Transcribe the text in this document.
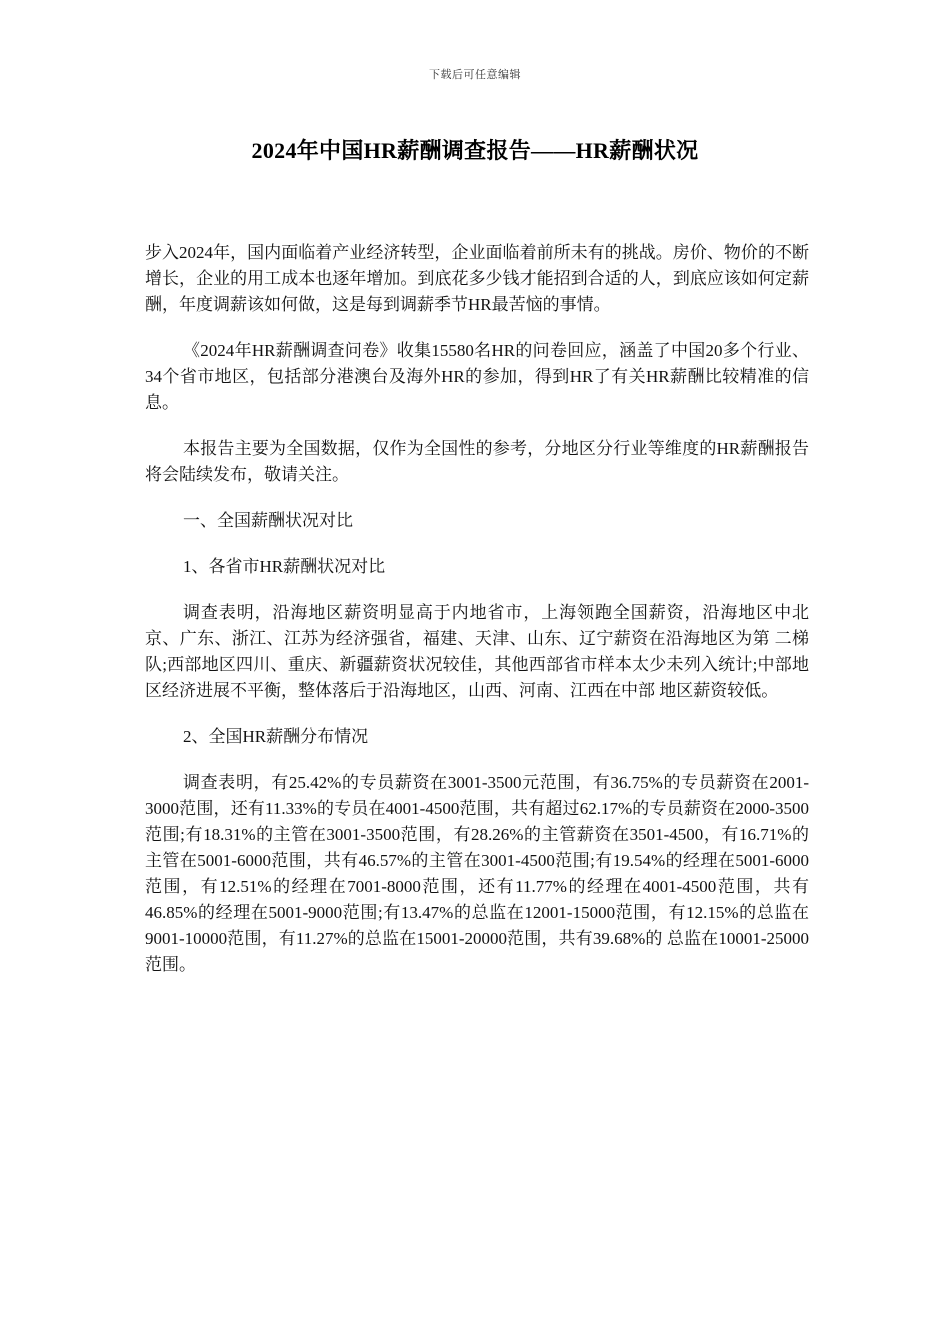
下载后可任意编辑
2024年中国HR薪酬调查报告——HR薪酬状况

步入2024年，国内面临着产业经济转型，企业面临着前所未有的挑战。房价、物价的不断增长，企业的用工成本也逐年增加。到底花多少钱才能招到合适的人，到底应该如何定薪酬，年度调薪该如何做，这是每到调薪季节HR最苦恼的事情。

《2024年HR薪酬调查问卷》收集15580名HR的问卷回应，涵盖了中国20多个行业、34个省市地区，包括部分港澳台及海外HR的参加，得到HR了有关HR薪酬比较精准的信息。

本报告主要为全国数据，仅作为全国性的参考，分地区分行业等维度的HR薪酬报告将会陆续发布，敬请关注。

一、全国薪酬状况对比

1、各省市HR薪酬状况对比

调查表明，沿海地区薪资明显高于内地省市，上海领跑全国薪资，沿海地区中北京、广东、浙江、江苏为经济强省，福建、天津、山东、辽宁薪资在沿海地区为第 二梯队;西部地区四川、重庆、新疆薪资状况较佳，其他西部省市样本太少未列入统计;中部地区经济进展不平衡，整体落后于沿海地区，山西、河南、江西在中部 地区薪资较低。

2、全国HR薪酬分布情况

调查表明，有25.42%的专员薪资在3001-3500元范围，有36.75%的专员薪资在2001-3000范围，还有11.33%的专员在4001-4500范围，共有超过62.17%的专员薪资在2000-3500范围;有18.31%的主管在3001-3500范围，有28.26%的主管薪资在3501-4500，有16.71%的主管在5001-6000范围，共有46.57%的主管在3001-4500范围;有19.54%的经理在5001-6000范围，有12.51%的经理在7001-8000范围，还有11.77%的经理在4001-4500范围，共有46.85%的经理在5001-9000范围;有13.47%的总监在12001-15000范围，有12.15%的总监在9001-10000范围，有11.27%的总监在15001-20000范围，共有39.68%的 总监在10001-25000范围。
